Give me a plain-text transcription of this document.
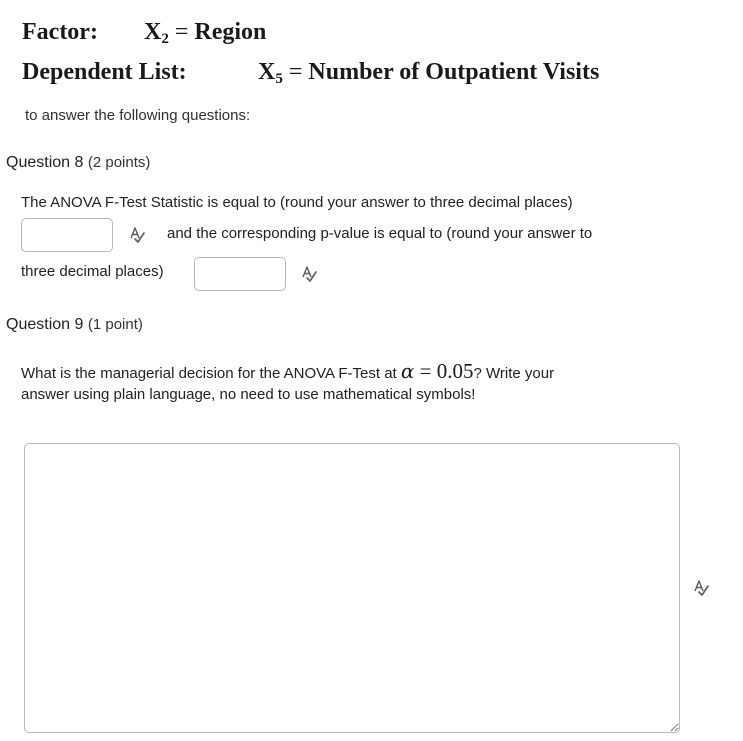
Factor: $X_2$ = Region
Dependent List:	$X_5$ = Number of Outpatient Visits
to answer the following questions:
Question 8 (2 points)
The ANOVA F-Test Statistic is equal to (round your answer to three decimal places)
and the corresponding p-value is equal to (round your answer to
three decimal places)
Question 9 (1 point)
What is the managerial decision for the ANOVA F-Test at α = 0.05? Write your
answer using plain language, no need to use mathematical symbols!
